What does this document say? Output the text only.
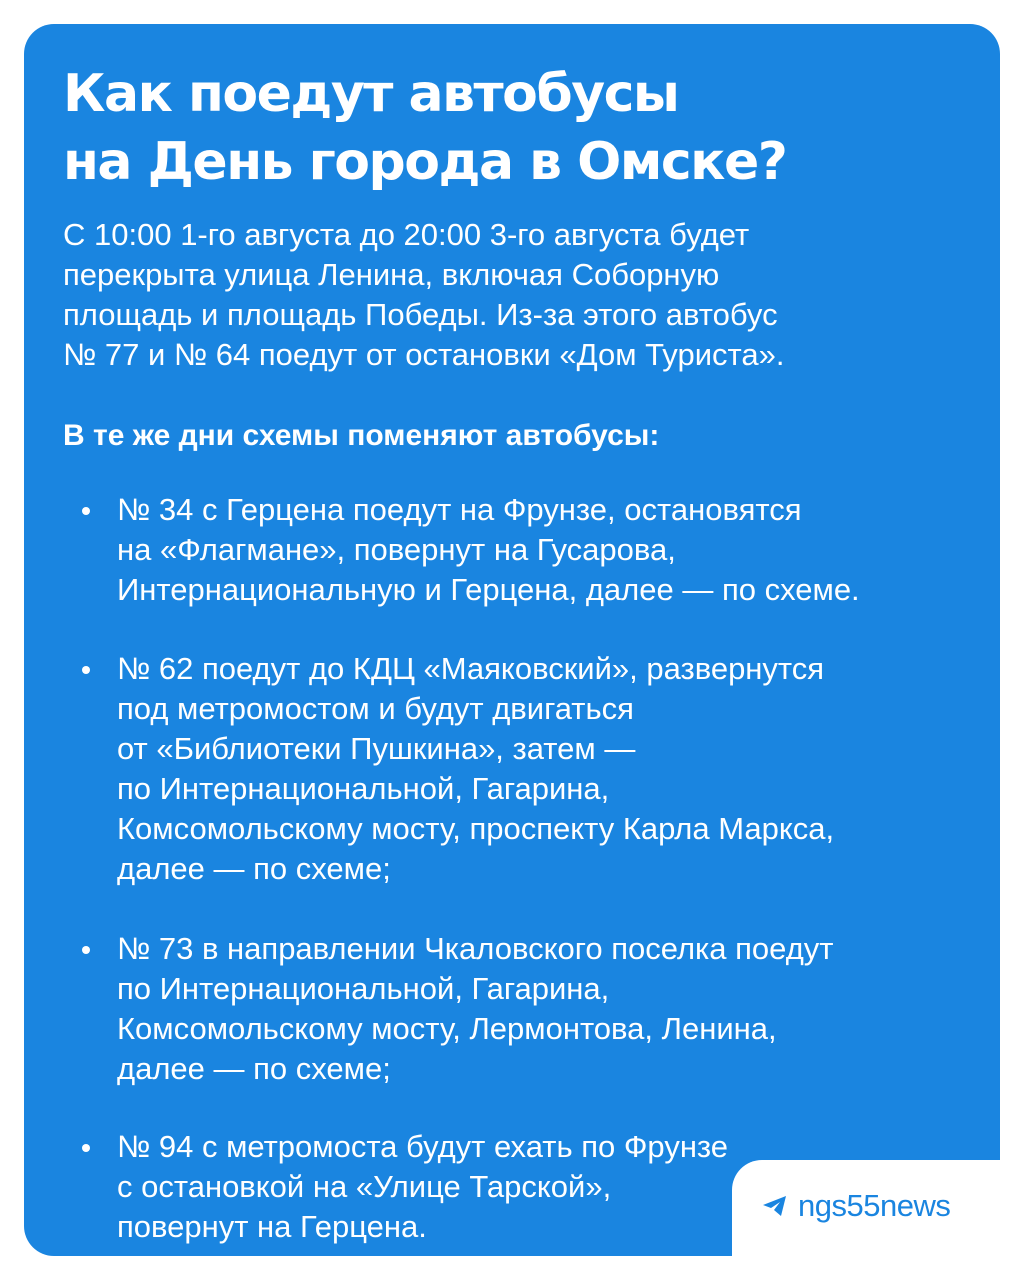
Как поедут автобусы
на День города в Омске?

С 10:00 1-го августа до 20:00 3-го августа будет
перекрыта улица Ленина, включая Соборную
площадь и площадь Победы. Из-за этого автобус
№ 77 и № 64 поедут от остановки «Дом Туриста».

В те же дни схемы поменяют автобусы:
№ 34 с Герцена поедут на Фрунзе, остановятся
на «Флагмане», повернут на Гусарова,
Интернациональную и Герцена, далее — по схеме.
№ 62 поедут до КДЦ «Маяковский», развернутся
под метромостом и будут двигаться
от «Библиотеки Пушкина», затем —
по Интернациональной, Гагарина,
Комсомольскому мосту, проспекту Карла Маркса,
далее — по схеме;
№ 73 в направлении Чкаловского поселка поедут
по Интернациональной, Гагарина,
Комсомольскому мосту, Лермонтова, Ленина,
далее — по схеме;
№ 94 с метромоста будут ехать по Фрунзе
с остановкой на «Улице Тарской»,
повернут на Герцена.
ngs55news
